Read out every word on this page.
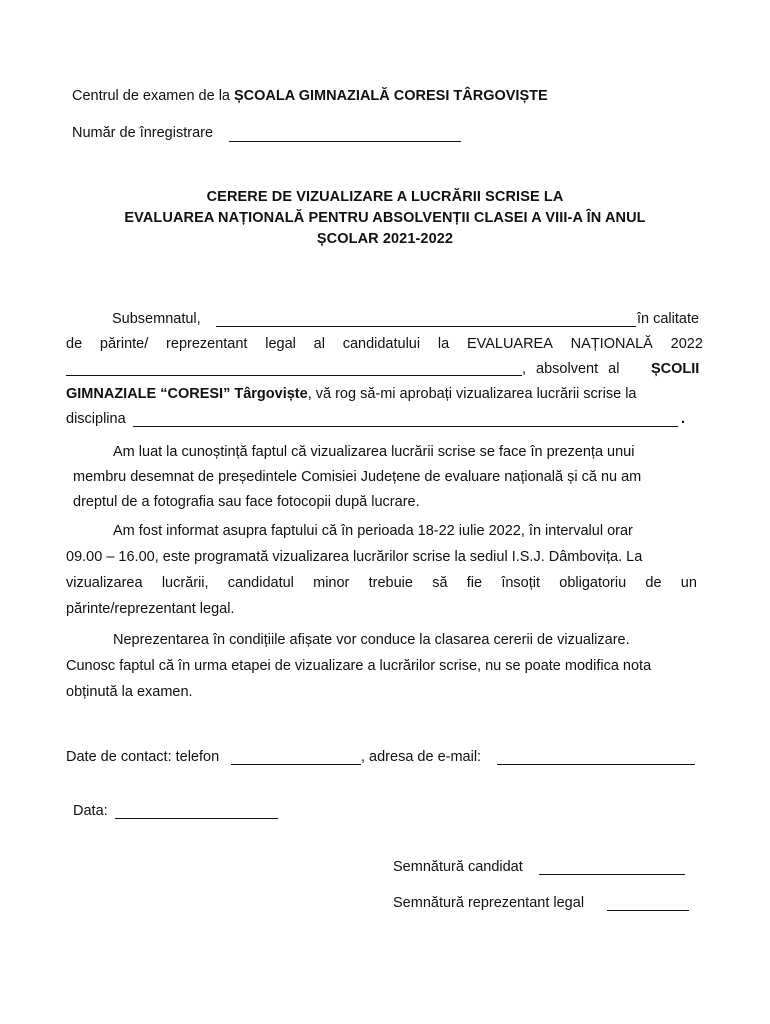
Centrul de examen de la ȘCOALA GIMNAZIALĂ CORESI TÂRGOVIȘTE
Număr de înregistrare
CERERE DE VIZUALIZARE A LUCRĂRII SCRISE LA
EVALUAREA NAȚIONALĂ PENTRU ABSOLVENȚII CLASEI A VIII-A ÎN ANUL
ȘCOLAR 2021-2022
Subsemnatul,	în calitate
de părinte/ reprezentant legal al candidatului la EVALUAREA NAȚIONALĂ 2022
, absolvent al ȘCOLII
GIMNAZIALE “CORESI” Târgoviște, vă rog să-mi aprobați vizualizarea lucrării scrise la
disciplina	.
Am luat la cunoștință faptul că vizualizarea lucrării scrise se face în prezența unui
membru desemnat de președintele Comisiei Județene de evaluare națională și că nu am
dreptul de a fotografia sau face fotocopii după lucrare.
Am fost informat asupra faptului că în perioada 18-22 iulie 2022, în intervalul orar
09.00 – 16.00, este programată vizualizarea lucrărilor scrise la sediul I.S.J. Dâmbovița. La
vizualizarea lucrării, candidatul minor trebuie să fie însoțit obligatoriu de un
părinte/reprezentant legal.
Neprezentarea în condițiile afișate vor conduce la clasarea cererii de vizualizare.
Cunosc faptul că în urma etapei de vizualizare a lucrărilor scrise, nu se poate modifica nota
obținută la examen.
Date de contact: telefon	, adresa de e-mail:
Data:
Semnătură candidat
Semnătură reprezentant legal
